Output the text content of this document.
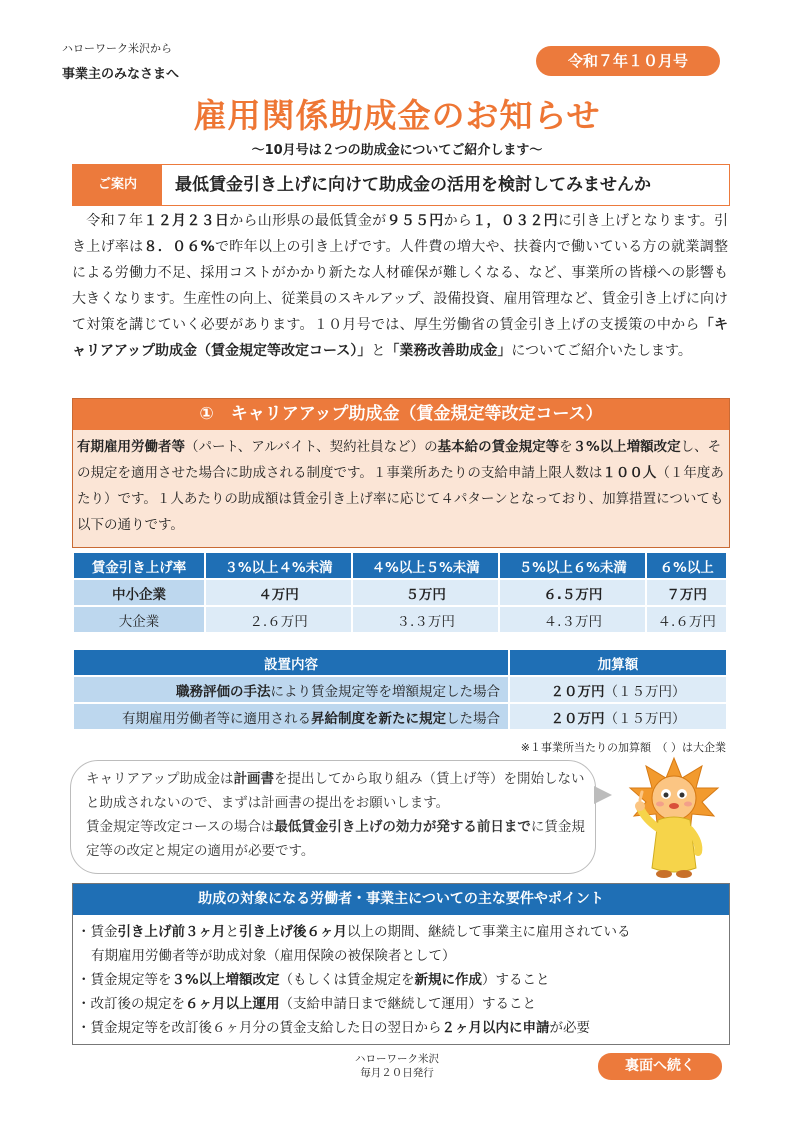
ハローワーク米沢から
事業主のみなさまへ
令和７年１０月号
雇用関係助成金のお知らせ
～10月号は２つの助成金についてご紹介します～
ご案内	最低賃金引き上げに向けて助成金の活用を検討してみませんか
　令和７年１２月２３日から山形県の最低賃金が９５５円から１，０３２円に引き上げとなります。引き上げ率は８．０６%で昨年以上の引き上げです。人件費の増大や、扶養内で働いている方の就業調整による労働力不足、採用コストがかかり新たな人材確保が難しくなる、など、事業所の皆様への影響も大きくなります。生産性の向上、従業員のスキルアップ、設備投資、雇用管理など、賃金引き上げに向けて対策を講じていく必要があります。１０月号では、厚生労働省の賃金引き上げの支援策の中から「キャリアアップ助成金（賃金規定等改定コース）」と「業務改善助成金」についてご紹介いたします。
①　キャリアアップ助成金（賃金規定等改定コース）
有期雇用労働者等（パート、アルバイト、契約社員など）の基本給の賃金規定等を３%以上増額改定し、その規定を適用させた場合に助成される制度です。１事業所あたりの支給申請上限人数は１００人（１年度あたり）です。１人あたりの助成額は賃金引き上げ率に応じて４パターンとなっており、加算措置についても以下の通りです。
賃金引き上げ率	３%以上４%未満	４%以上５%未満	５%以上６%未満	６%以上
中小企業	４万円	５万円	６.５万円	７万円
大企業	２.６万円	３.３万円	４.３万円	４.６万円
設置内容	加算額
職務評価の手法により賃金規定等を増額規定した場合	２０万円（１５万円）
有期雇用労働者等に適用される昇給制度を新たに規定した場合	２０万円（１５万円）
※１事業所当たりの加算額　（ ）は大企業
キャリアアップ助成金は計画書を提出してから取り組み（賃上げ等）を開始しないと助成されないので、まずは計画書の提出をお願いします。
賃金規定等改定コースの場合は最低賃金引き上げの効力が発する前日までに賃金規定等の改定と規定の適用が必要です。
助成の対象になる労働者・事業主についての主な要件やポイント
・賃金引き上げ前３ヶ月と引き上げ後６ヶ月以上の期間、継続して事業主に雇用されている
有期雇用労働者等が助成対象（雇用保険の被保険者として）
・賃金規定等を３%以上増額改定（もしくは賃金規定を新規に作成）すること
・改訂後の規定を６ヶ月以上運用（支給申請日まで継続して運用）すること
・賃金規定等を改訂後６ヶ月分の賃金支給した日の翌日から２ヶ月以内に申請が必要
ハローワーク米沢
毎月２０日発行	裏面へ続く
